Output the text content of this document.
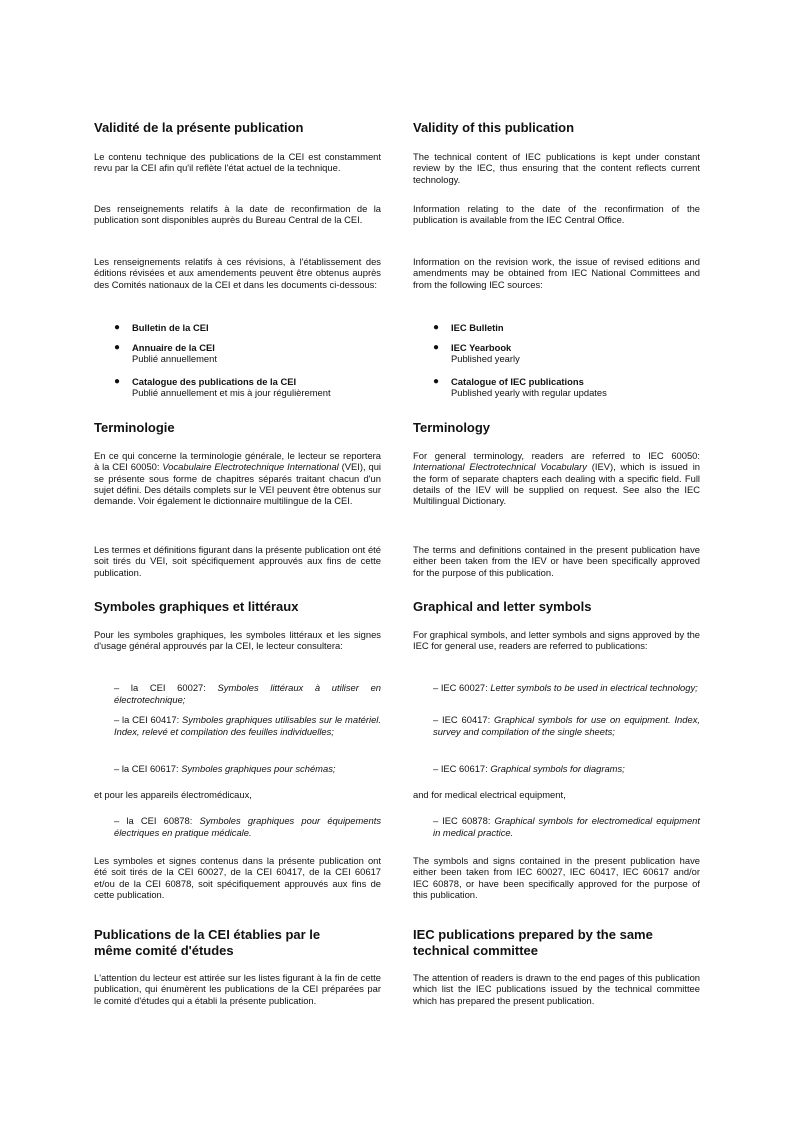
Validité de la présente publication

Le contenu technique des publications de la CEI est constamment revu par la CEI afin qu'il reflète l'état actuel de la technique.

Des renseignements relatifs à la date de reconfirmation de la publication sont disponibles auprès du Bureau Central de la CEI.

Les renseignements relatifs à ces révisions, à l'établissement des éditions révisées et aux amendements peuvent être obtenus auprès des Comités nationaux de la CEI et dans les documents ci-dessous:

● Bulletin de la CEI
● Annuaire de la CEI
Publié annuellement
● Catalogue des publications de la CEI
Publié annuellement et mis à jour régulièrement
Terminologie

En ce qui concerne la terminologie générale, le lecteur se reportera à la CEI 60050: Vocabulaire Electrotechnique International (VEI), qui se présente sous forme de chapitres séparés traitant chacun d'un sujet défini. Des détails complets sur le VEI peuvent être obtenus sur demande. Voir également le dictionnaire multilingue de la CEI.

Les termes et définitions figurant dans la présente publication ont été soit tirés du VEI, soit spécifiquement approuvés aux fins de cette publication.

Symboles graphiques et littéraux

Pour les symboles graphiques, les symboles littéraux et les signes d'usage général approuvés par la CEI, le lecteur consultera:

– la CEI 60027: Symboles littéraux à utiliser en électrotechnique;
– la CEI 60417: Symboles graphiques utilisables sur le matériel. Index, relevé et compilation des feuilles individuelles;
– la CEI 60617: Symboles graphiques pour schémas;

et pour les appareils électromédicaux,

– la CEI 60878: Symboles graphiques pour équipements électriques en pratique médicale.

Les symboles et signes contenus dans la présente publication ont été soit tirés de la CEI 60027, de la CEI 60417, de la CEI 60617 et/ou de la CEI 60878, soit spécifiquement approuvés aux fins de cette publication.

Publications de la CEI établies par le
même comité d'études

L'attention du lecteur est attirée sur les listes figurant à la fin de cette publication, qui énumèrent les publications de la CEI préparées par le comité d'études qui a établi la présente publication.

Validity of this publication

The technical content of IEC publications is kept under constant review by the IEC, thus ensuring that the content reflects current technology.

Information relating to the date of the reconfirmation of the publication is available from the IEC Central Office.

Information on the revision work, the issue of revised editions and amendments may be obtained from IEC National Committees and from the following IEC sources:

● IEC Bulletin
● IEC Yearbook
Published yearly
● Catalogue of IEC publications
Published yearly with regular updates
Terminology

For general terminology, readers are referred to IEC 60050: International Electrotechnical Vocabulary (IEV), which is issued in the form of separate chapters each dealing with a specific field. Full details of the IEV will be supplied on request. See also the IEC Multilingual Dictionary.

The terms and definitions contained in the present publication have either been taken from the IEV or have been specifically approved for the purpose of this publication.

Graphical and letter symbols

For graphical symbols, and letter symbols and signs approved by the IEC for general use, readers are referred to publications:

– IEC 60027: Letter symbols to be used in electrical technology;
– IEC 60417: Graphical symbols for use on equipment. Index, survey and compilation of the single sheets;
– IEC 60617: Graphical symbols for diagrams;

and for medical electrical equipment,

– IEC 60878: Graphical symbols for electromedical equipment in medical practice.

The symbols and signs contained in the present publication have either been taken from IEC 60027, IEC 60417, IEC 60617 and/or IEC 60878, or have been specifically approved for the purpose of this publication.

IEC publications prepared by the same
technical committee

The attention of readers is drawn to the end pages of this publication which list the IEC publications issued by the technical committee which has prepared the present publication.
